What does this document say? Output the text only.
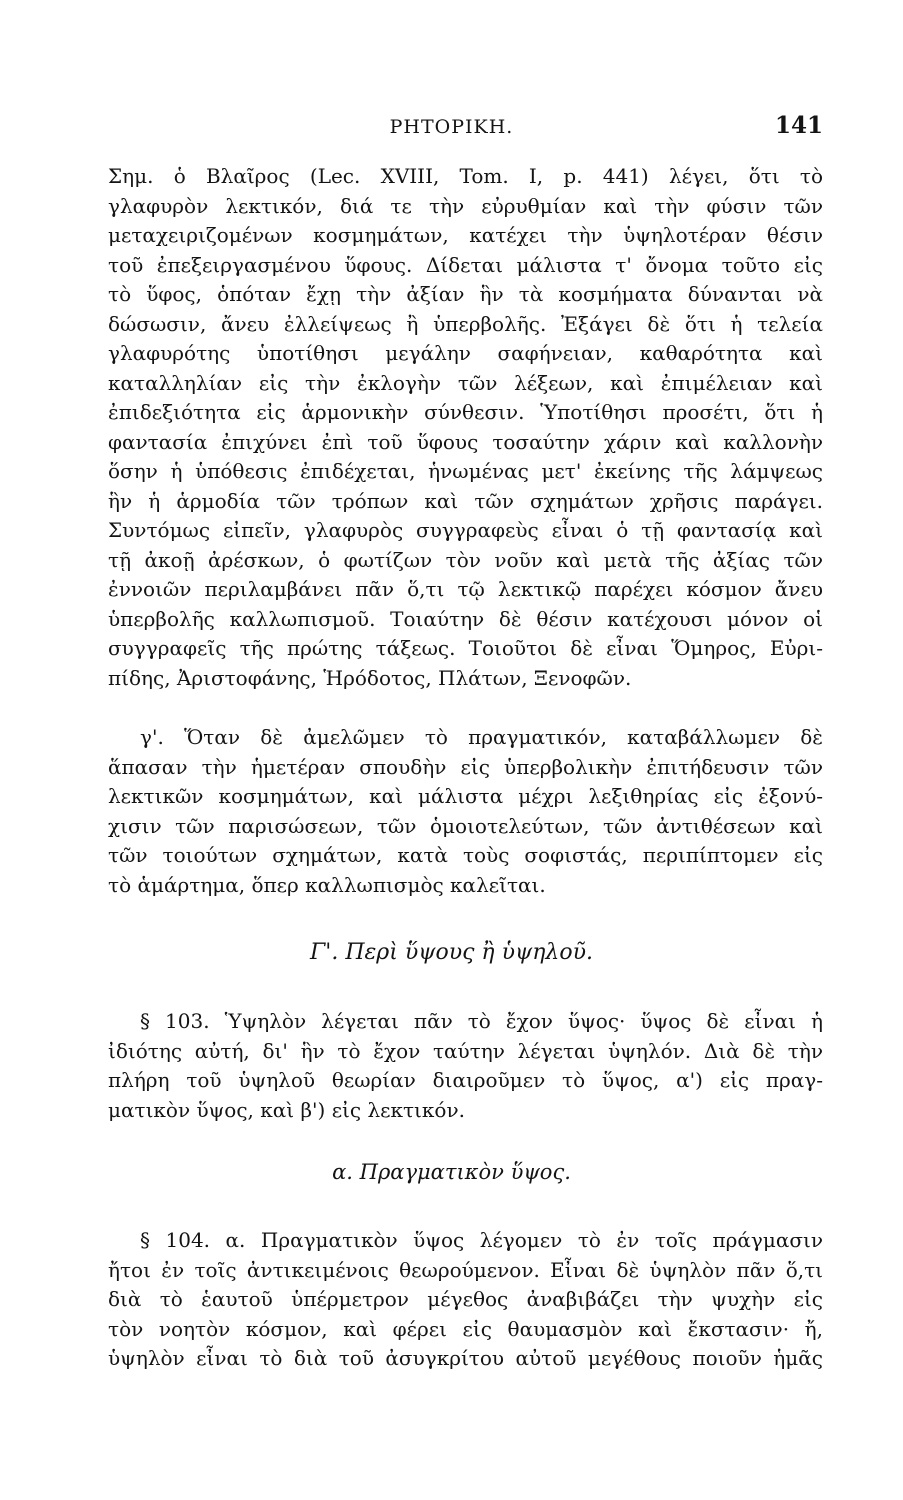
ΡΗΤΟΡΙΚΗ.	141
Σημ. ὁ Βλαῖρος (Lec. XVIII, Tom. I, p. 441) λέγει, ὅτι τὸ
γλαφυρὸν λεκτικόν, διά τε τὴν εὐρυθμίαν καὶ τὴν φύσιν τῶν
μεταχειριζομένων κοσμημάτων, κατέχει τὴν ὑψηλοτέραν θέσιν
τοῦ ἐπεξειργασμένου ὕφους. Δίδεται μάλιστα τ' ὄνομα τοῦτο εἰς
τὸ ὕφος, ὁπόταν ἔχῃ τὴν ἀξίαν ἣν τὰ κοσμήματα δύνανται νὰ
δώσωσιν, ἄνευ ἐλλείψεως ἢ ὑπερβολῆς. Ἐξάγει δὲ ὅτι ἡ τελεία
γλαφυρότης ὑποτίθησι μεγάλην σαφήνειαν, καθαρότητα καὶ
καταλληλίαν εἰς τὴν ἐκλογὴν τῶν λέξεων, καὶ ἐπιμέλειαν καὶ
ἐπιδεξιότητα εἰς ἁρμονικὴν σύνθεσιν. Ὑποτίθησι προσέτι, ὅτι ἡ
φαντασία ἐπιχύνει ἐπὶ τοῦ ὕφους τοσαύτην χάριν καὶ καλλονὴν
ὅσην ἡ ὑπόθεσις ἐπιδέχεται, ἡνωμένας μετ' ἐκείνης τῆς λάμψεως
ἣν ἡ ἁρμοδία τῶν τρόπων καὶ τῶν σχημάτων χρῆσις παράγει.
Συντόμως εἰπεῖν, γλαφυρὸς συγγραφεὺς εἶναι ὁ τῇ φαντασίᾳ καὶ
τῇ ἀκοῇ ἀρέσκων, ὁ φωτίζων τὸν νοῦν καὶ μετὰ τῆς ἀξίας τῶν
ἐννοιῶν περιλαμβάνει πᾶν ὅ,τι τῷ λεκτικῷ παρέχει κόσμον ἄνευ
ὑπερβολῆς καλλωπισμοῦ. Τοιαύτην δὲ θέσιν κατέχουσι μόνον οἱ
συγγραφεῖς τῆς πρώτης τάξεως. Τοιοῦτοι δὲ εἶναι Ὅμηρος, Εὐρι-
πίδης, Ἀριστοφάνης, Ἡρόδοτος, Πλάτων, Ξενοφῶν.
γ'. Ὅταν δὲ ἀμελῶμεν τὸ πραγματικόν, καταβάλλωμεν δὲ
ἅπασαν τὴν ἡμετέραν σπουδὴν εἰς ὑπερβολικὴν ἐπιτήδευσιν τῶν
λεκτικῶν κοσμημάτων, καὶ μάλιστα μέχρι λεξιθηρίας εἰς ἐξονύ-
χισιν τῶν παρισώσεων, τῶν ὁμοιοτελεύτων, τῶν ἀντιθέσεων καὶ
τῶν τοιούτων σχημάτων, κατὰ τοὺς σοφιστάς, περιπίπτομεν εἰς
τὸ ἁμάρτημα, ὅπερ καλλωπισμὸς καλεῖται.
Γ'. Περὶ ὕψους ἢ ὑψηλοῦ.
§ 103. Ὑψηλὸν λέγεται πᾶν τὸ ἔχον ὕψος· ὕψος δὲ εἶναι ἡ
ἰδιότης αὐτή, δι' ἣν τὸ ἔχον ταύτην λέγεται ὑψηλόν. Διὰ δὲ τὴν
πλήρη τοῦ ὑψηλοῦ θεωρίαν διαιροῦμεν τὸ ὕψος, α') εἰς πραγ-
ματικὸν ὕψος, καὶ β') εἰς λεκτικόν.
α. Πραγματικὸν ὕψος.
§ 104. α. Πραγματικὸν ὕψος λέγομεν τὸ ἐν τοῖς πράγμασιν
ἤτοι ἐν τοῖς ἀντικειμένοις θεωρούμενον. Εἶναι δὲ ὑψηλὸν πᾶν ὅ,τι
διὰ τὸ ἑαυτοῦ ὑπέρμετρον μέγεθος ἀναβιβάζει τὴν ψυχὴν εἰς
τὸν νοητὸν κόσμον, καὶ φέρει εἰς θαυμασμὸν καὶ ἔκστασιν· ἤ,
ὑψηλὸν εἶναι τὸ διὰ τοῦ ἀσυγκρίτου αὐτοῦ μεγέθους ποιοῦν ἡμᾶς
